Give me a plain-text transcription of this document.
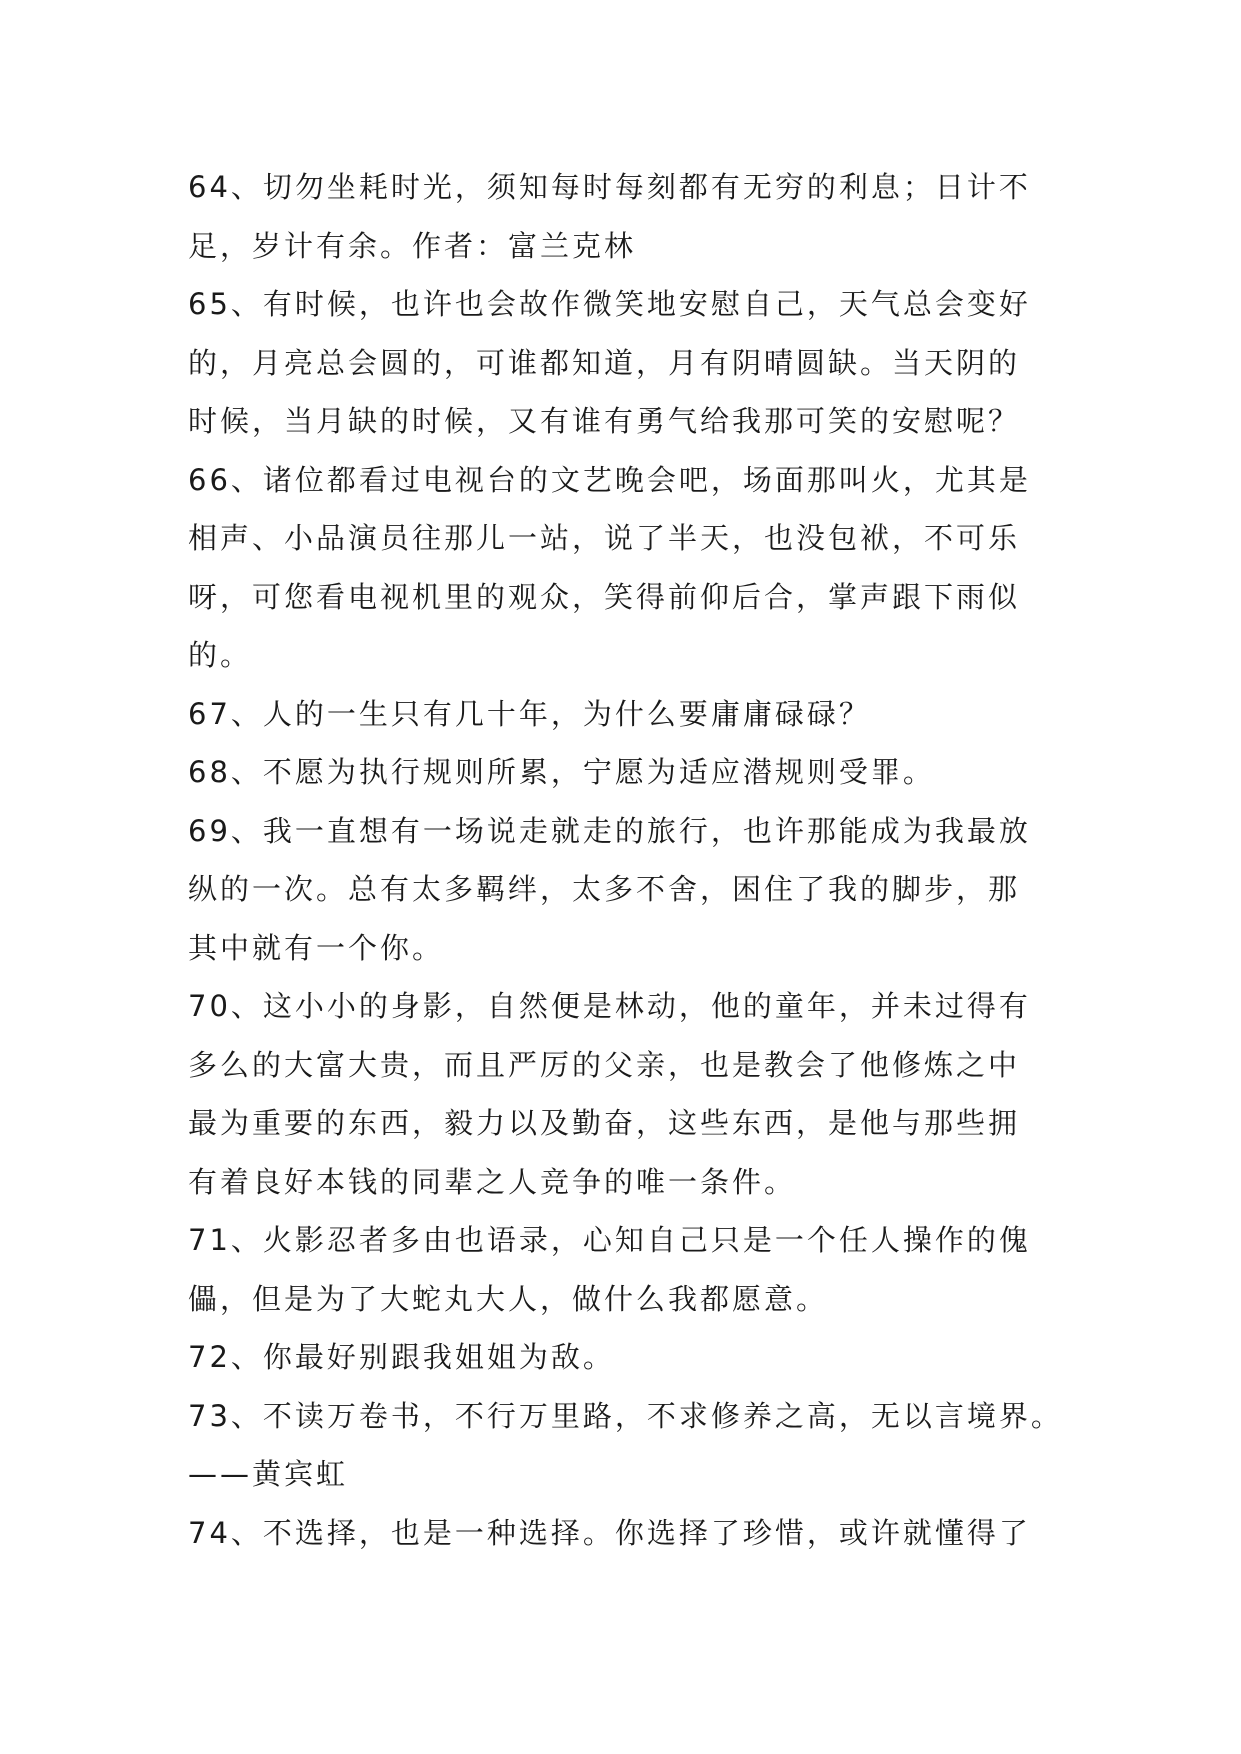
64、切勿坐耗时光，须知每时每刻都有无穷的利息；日计不
足，岁计有余。作者：富兰克林
65、有时候，也许也会故作微笑地安慰自己，天气总会变好
的，月亮总会圆的，可谁都知道，月有阴晴圆缺。当天阴的
时候，当月缺的时候，又有谁有勇气给我那可笑的安慰呢？
66、诸位都看过电视台的文艺晚会吧，场面那叫火，尤其是
相声、小品演员往那儿一站，说了半天，也没包袱，不可乐
呀，可您看电视机里的观众，笑得前仰后合，掌声跟下雨似
的。
67、人的一生只有几十年，为什么要庸庸碌碌？
68、不愿为执行规则所累，宁愿为适应潜规则受罪。
69、我一直想有一场说走就走的旅行，也许那能成为我最放
纵的一次。总有太多羁绊，太多不舍，困住了我的脚步，那
其中就有一个你。
70、这小小的身影，自然便是林动，他的童年，并未过得有
多么的大富大贵，而且严厉的父亲，也是教会了他修炼之中
最为重要的东西，毅力以及勤奋，这些东西，是他与那些拥
有着良好本钱的同辈之人竞争的唯一条件。
71、火影忍者多由也语录，心知自己只是一个任人操作的傀
儡，但是为了大蛇丸大人，做什么我都愿意。
72、你最好别跟我姐姐为敌。
73、不读万卷书，不行万里路，不求修养之高，无以言境界。
——黄宾虹
74、不选择，也是一种选择。你选择了珍惜，或许就懂得了
